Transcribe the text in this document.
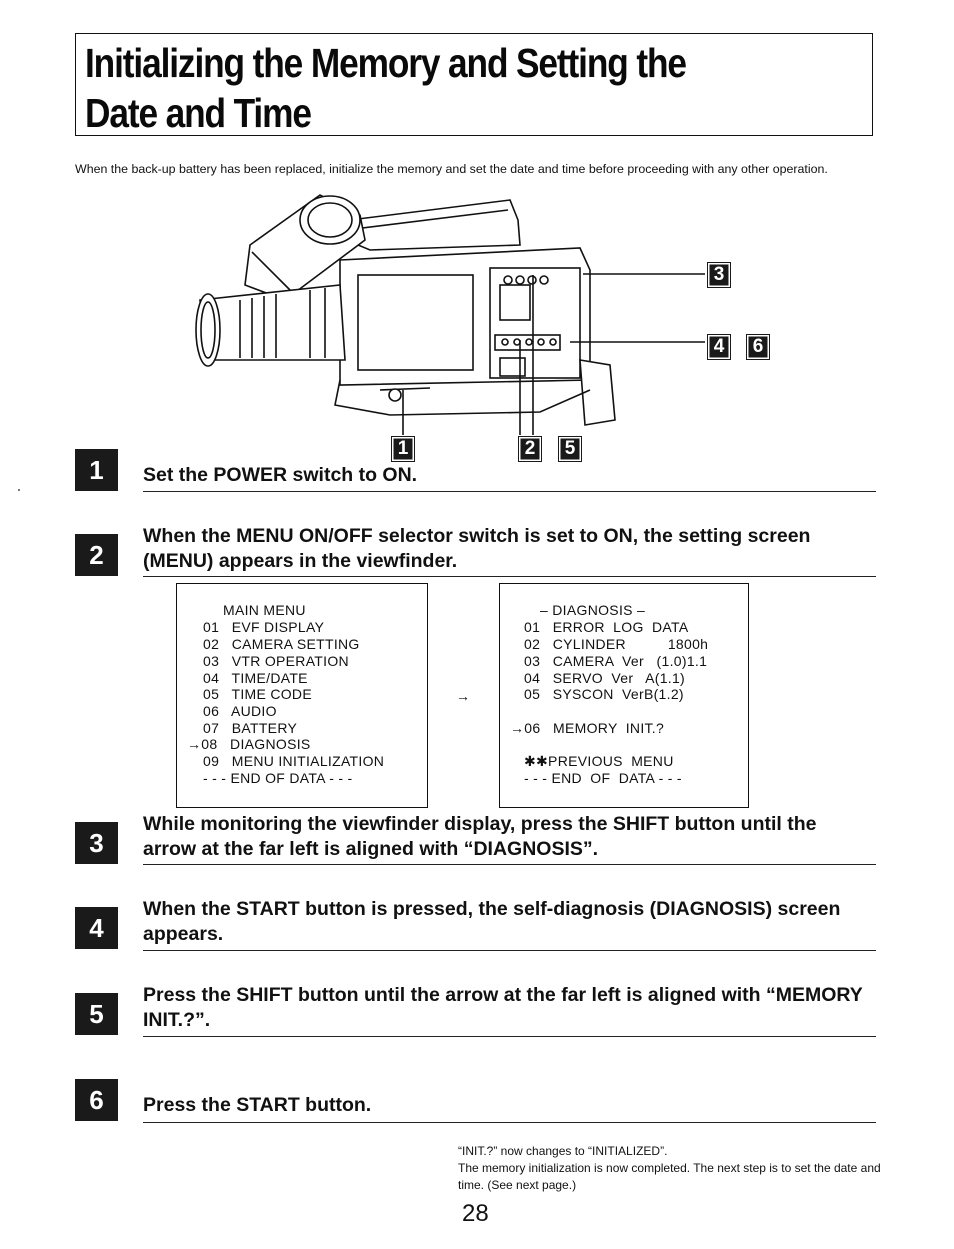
Initializing the Memory and Setting the Date and Time
When the back-up battery has been replaced, initialize the memory and set the date and time before proceeding with any other operation.
3
4	6
1	2	5
1	Set the POWER switch to ON.
2
When the MENU ON/OFF selector switch is set to ON, the setting screen (MENU) appears in the viewfinder.
MAIN MENU
01   EVF DISPLAY
02   CAMERA SETTING
03   VTR OPERATION
04   TIME/DATE
05   TIME CODE
06   AUDIO
07   BATTERY
→08   DIAGNOSIS
09   MENU INITIALIZATION
- - - END OF DATA - - -
→
– DIAGNOSIS –
01   ERROR  LOG  DATA
02   CYLINDER          1800h
03   CAMERA  Ver   (1.0)1.1
04   SERVO  Ver   A(1.1)
05   SYSCON  VerB(1.2)
→06   MEMORY  INIT.?
✱✱PREVIOUS  MENU
- - - END  OF  DATA - - -
3
While monitoring the viewfinder display, press the SHIFT button until the arrow at the far left is aligned with “DIAGNOSIS”.
4
When the START button is pressed, the self-diagnosis (DIAGNOSIS) screen appears.
5
Press the SHIFT button until the arrow at the far left is aligned with “MEMORY INIT.?”.
6	Press the START button.
“INIT.?” now changes to “INITIALIZED”.
The memory initialization is now completed. The next step is to set the date and time. (See next page.)
28
